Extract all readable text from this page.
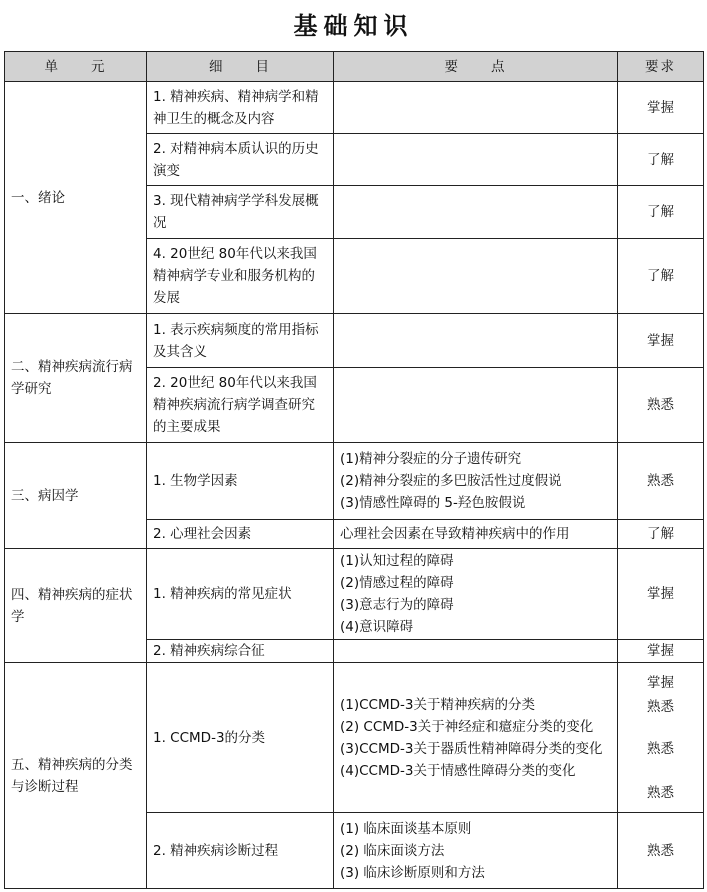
基础知识
单　　元	细　　目	要　　点	要求
一、绪论	1. 精神疾病、精神病学和精神卫生的概念及内容		掌握

	2. 对精神病本质认识的历史演变		了解

	3. 现代精神病学学科发展概况		了解

	4. 20世纪 80年代以来我国精神病学专业和服务机构的发展		了解

二、精神疾病流行病学研究	1. 表示疾病频度的常用指标及其含义		掌握

	2. 20世纪 80年代以来我国精神疾病流行病学调查研究的主要成果		熟悉

三、病因学	1. 生物学因素	(1)精神分裂症的分子遗传研究
(2)精神分裂症的多巴胺活性过度假说
(3)情感性障碍的 5-羟色胺假说	熟悉

	2. 心理社会因素	心理社会因素在导致精神疾病中的作用	了解

四、精神疾病的症状学	1. 精神疾病的常见症状	(1)认知过程的障碍
(2)情感过程的障碍
(3)意志行为的障碍
(4)意识障碍	掌握

	2. 精神疾病综合征		掌握

五、精神疾病的分类与诊断过程	1. CCMD-3的分类	(1)CCMD-3关于精神疾病的分类
(2) CCMD-3关于神经症和癔症分类的变化
(3)CCMD-3关于器质性精神障碍分类的变化
(4)CCMD-3关于情感性障碍分类的变化	掌握
熟悉
熟悉
熟悉

	2. 精神疾病诊断过程	(1) 临床面谈基本原则
(2) 临床面谈方法
(3) 临床诊断原则和方法	熟悉
